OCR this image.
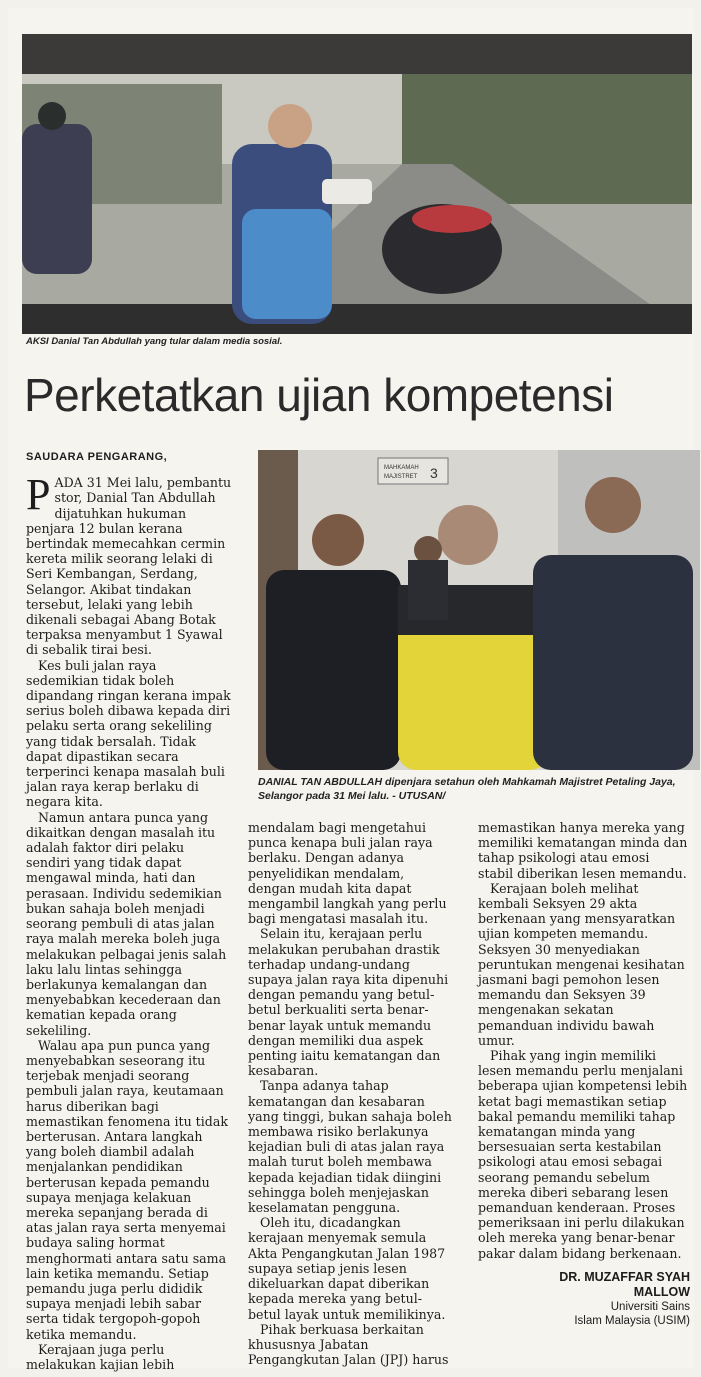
AKSI Danial Tan Abdullah yang tular dalam media sosial.
Perketatkan ujian kompetensi
MAHKAMAH
MAJISTRET 3
DANIAL TAN ABDULLAH dipenjara setahun oleh Mahkamah Majistret Petaling Jaya, Selangor pada 31 Mei lalu. - UTUSAN/
SAUDARA PENGARANG,

PADA 31 Mei lalu, pembantu stor, Danial Tan Abdullah dijatuhkan hukuman penjara 12 bulan kerana bertindak memecahkan cermin kereta milik seorang lelaki di Seri Kembangan, Serdang, Selangor. Akibat tindakan tersebut, lelaki yang lebih dikenali sebagai Abang Botak terpaksa menyambut 1 Syawal di sebalik tirai besi.

Kes buli jalan raya sedemikian tidak boleh dipandang ringan kerana impak serius boleh dibawa kepada diri pelaku serta orang sekeliling yang tidak bersalah. Tidak dapat dipastikan secara terperinci kenapa masalah buli jalan raya kerap berlaku di negara kita.

Namun antara punca yang dikaitkan dengan masalah itu adalah faktor diri pelaku sendiri yang tidak dapat mengawal minda, hati dan perasaan. Individu sedemikian bukan sahaja boleh menjadi seorang pembuli di atas jalan raya malah mereka boleh juga melakukan pelbagai jenis salah laku lalu lintas sehingga berlakunya kemalangan dan menyebabkan kecederaan dan kematian kepada orang sekeliling.

Walau apa pun punca yang menyebabkan seseorang itu terjebak menjadi seorang pembuli jalan raya, keutamaan harus diberikan bagi memastikan fenomena itu tidak berterusan. Antara langkah yang boleh diambil adalah menjalankan pendidikan berterusan kepada pemandu supaya menjaga kelakuan mereka sepanjang berada di atas jalan raya serta menyemai budaya saling hormat menghormati antara satu sama lain ketika memandu. Setiap pemandu juga perlu dididik supaya menjadi lebih sabar serta tidak tergopoh-gopoh ketika memandu.

Kerajaan juga perlu melakukan kajian lebih

mendalam bagi mengetahui punca kenapa buli jalan raya berlaku. Dengan adanya penyelidikan mendalam, dengan mudah kita dapat mengambil langkah yang perlu bagi mengatasi masalah itu.

Selain itu, kerajaan perlu melakukan perubahan drastik terhadap undang-undang supaya jalan raya kita dipenuhi dengan pemandu yang betul-betul berkualiti serta benar-benar layak untuk memandu dengan memiliki dua aspek penting iaitu kematangan dan kesabaran.

Tanpa adanya tahap kematangan dan kesabaran yang tinggi, bukan sahaja boleh membawa risiko berlakunya kejadian buli di atas jalan raya malah turut boleh membawa kepada kejadian tidak diingini sehingga boleh menjejaskan keselamatan pengguna.

Oleh itu, dicadangkan kerajaan menyemak semula Akta Pengangkutan Jalan 1987 supaya setiap jenis lesen dikeluarkan dapat diberikan kepada mereka yang betul-betul layak untuk memilikinya.

Pihak berkuasa berkaitan khususnya Jabatan Pengangkutan Jalan (JPJ) harus

memastikan hanya mereka yang memiliki kematangan minda dan tahap psikologi atau emosi stabil diberikan lesen memandu.

Kerajaan boleh melihat kembali Seksyen 29 akta berkenaan yang mensyaratkan ujian kompeten memandu. Seksyen 30 menyediakan peruntukan mengenai kesihatan jasmani bagi pemohon lesen memandu dan Seksyen 39 mengenakan sekatan pemanduan individu bawah umur.

Pihak yang ingin memiliki lesen memandu perlu menjalani beberapa ujian kompetensi lebih ketat bagi memastikan setiap bakal pemandu memiliki tahap kematangan minda yang bersesuaian serta kestabilan psikologi atau emosi sebagai seorang pemandu sebelum mereka diberi sebarang lesen pemanduan kenderaan. Proses pemeriksaan ini perlu dilakukan oleh mereka yang benar-benar pakar dalam bidang berkenaan.

DR. MUZAFFAR SYAH
MALLOW
Universiti Sains
Islam Malaysia (USIM)
